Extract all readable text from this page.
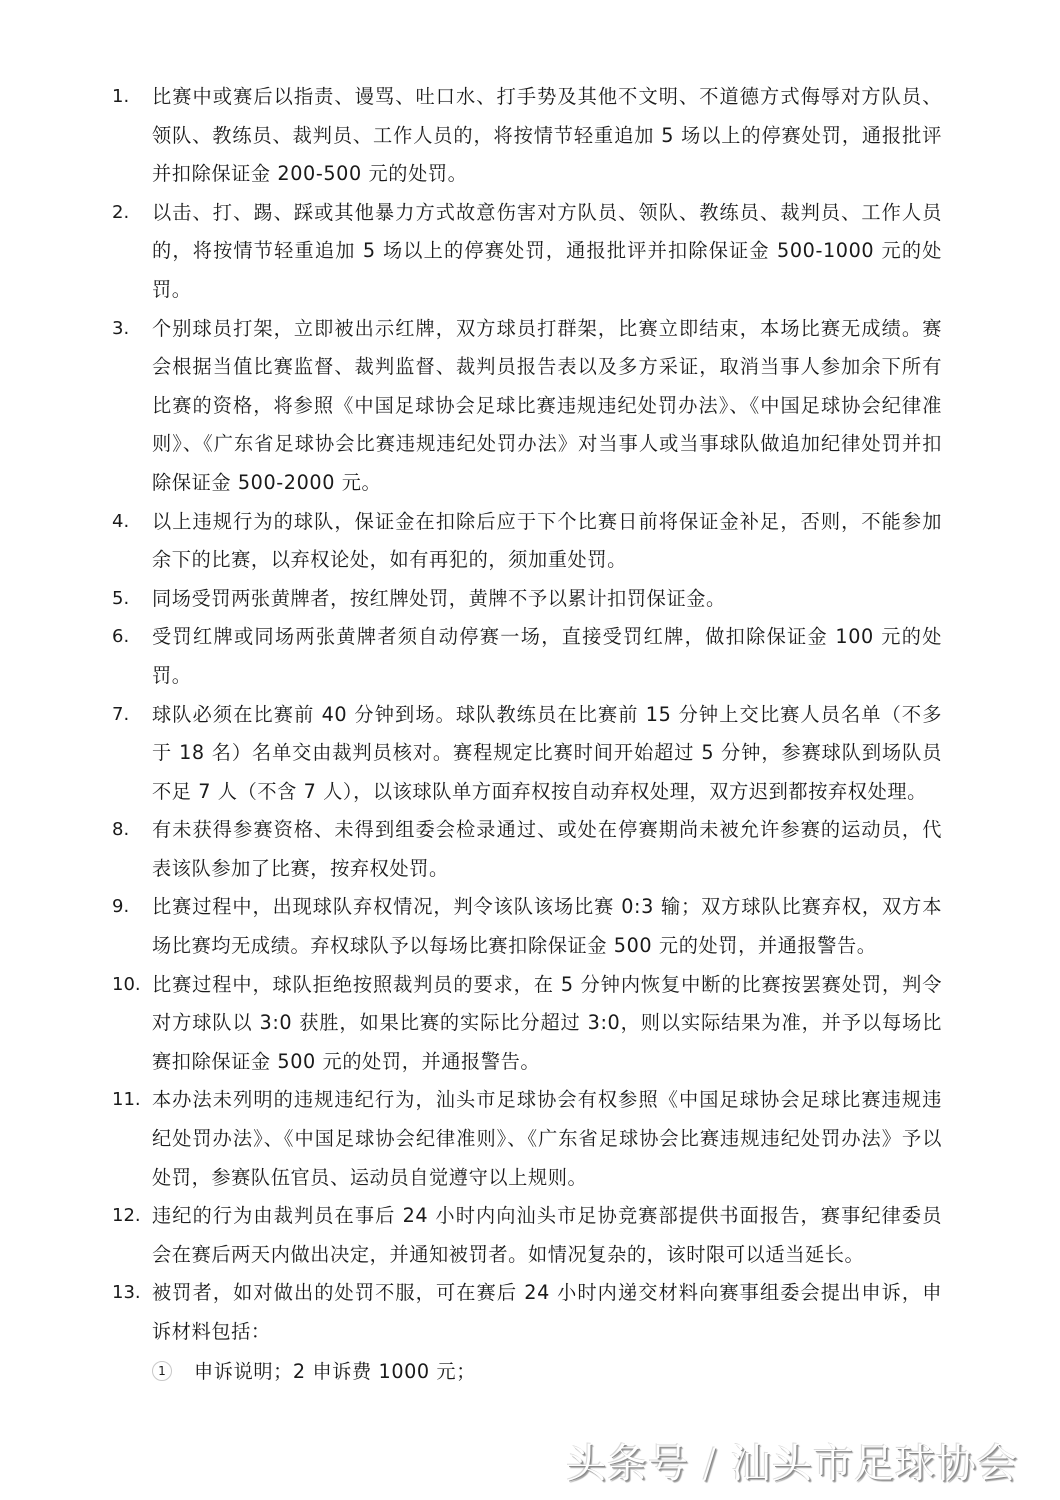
1.	比赛中或赛后以指责、谩骂、吐口水、打手势及其他不文明、不道德方式侮辱对方队员、领队、教练员、裁判员、工作人员的，将按情节轻重追加 5 场以上的停赛处罚，通报批评并扣除保证金 200-500 元的处罚。
2.	以击、打、踢、踩或其他暴力方式故意伤害对方队员、领队、教练员、裁判员、工作人员的，将按情节轻重追加 5 场以上的停赛处罚，通报批评并扣除保证金 500-1000 元的处罚。
3.	个别球员打架，立即被出示红牌，双方球员打群架，比赛立即结束，本场比赛无成绩。赛会根据当值比赛监督、裁判监督、裁判员报告表以及多方采证，取消当事人参加余下所有比赛的资格，将参照《中国足球协会足球比赛违规违纪处罚办法》、《中国足球协会纪律准则》、《广东省足球协会比赛违规违纪处罚办法》对当事人或当事球队做追加纪律处罚并扣除保证金 500-2000 元。
4.	以上违规行为的球队，保证金在扣除后应于下个比赛日前将保证金补足，否则，不能参加余下的比赛，以弃权论处，如有再犯的，须加重处罚。
5.	同场受罚两张黄牌者，按红牌处罚，黄牌不予以累计扣罚保证金。
6.	受罚红牌或同场两张黄牌者须自动停赛一场，直接受罚红牌，做扣除保证金 100 元的处罚。
7.	球队必须在比赛前 40 分钟到场。球队教练员在比赛前 15 分钟上交比赛人员名单（不多于 18 名）名单交由裁判员核对。赛程规定比赛时间开始超过 5 分钟，参赛球队到场队员不足 7 人（不含 7 人），以该球队单方面弃权按自动弃权处理，双方迟到都按弃权处理。
8.	有未获得参赛资格、未得到组委会检录通过、或处在停赛期尚未被允许参赛的运动员，代表该队参加了比赛，按弃权处罚。
9.	比赛过程中，出现球队弃权情况，判令该队该场比赛 0:3 输；双方球队比赛弃权，双方本场比赛均无成绩。弃权球队予以每场比赛扣除保证金 500 元的处罚，并通报警告。
10. 比赛过程中，球队拒绝按照裁判员的要求，在 5 分钟内恢复中断的比赛按罢赛处罚，判令对方球队以 3:0 获胜，如果比赛的实际比分超过 3:0，则以实际结果为准，并予以每场比赛扣除保证金 500 元的处罚，并通报警告。
11. 本办法未列明的违规违纪行为，汕头市足球协会有权参照《中国足球协会足球比赛违规违纪处罚办法》、《中国足球协会纪律准则》、《广东省足球协会比赛违规违纪处罚办法》予以处罚，参赛队伍官员、运动员自觉遵守以上规则。
12. 违纪的行为由裁判员在事后 24 小时内向汕头市足协竞赛部提供书面报告，赛事纪律委员会在赛后两天内做出决定，并通知被罚者。如情况复杂的，该时限可以适当延长。
13. 被罚者，如对做出的处罚不服，可在赛后 24 小时内递交材料向赛事组委会提出申诉，申诉材料包括：
1	申诉说明；2 申诉费 1000 元；
头条号 / 汕头市足球协会
